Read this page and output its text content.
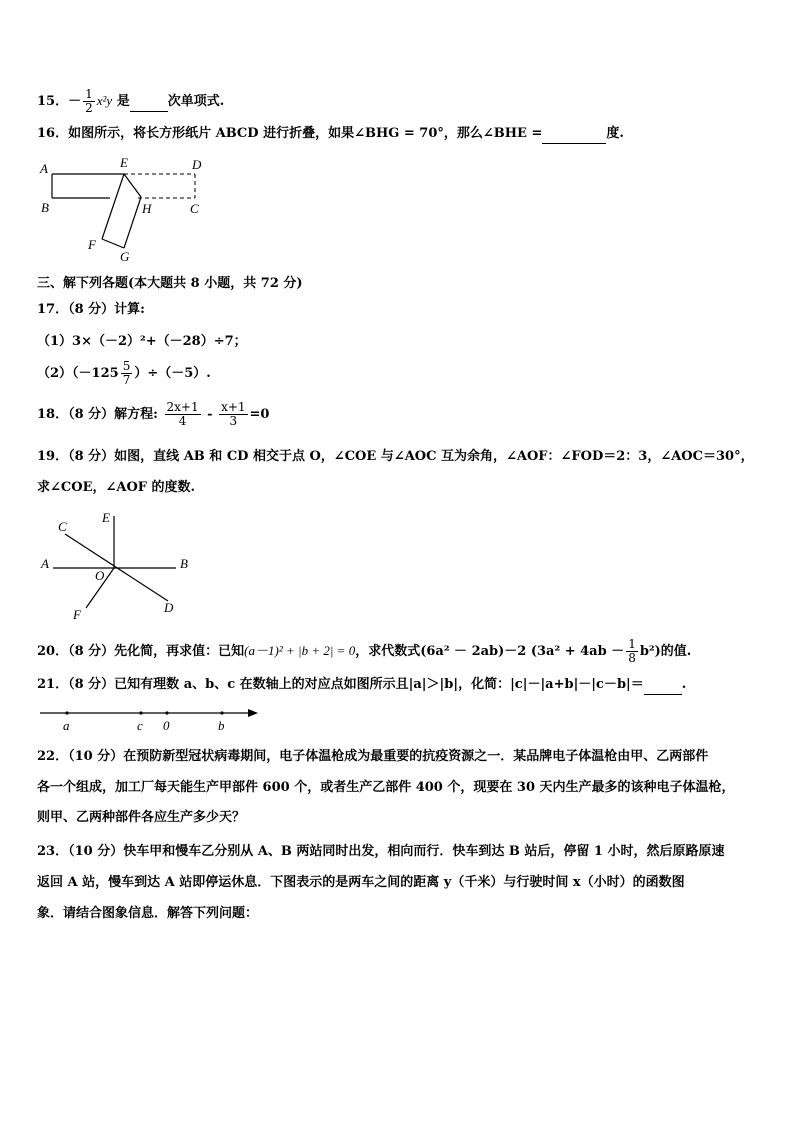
15．－ $\frac{1}{2} x^2y$ 是	次单项式.
16．如图所示，将长方形纸片 ABCD 进行折叠，如果∠BHG = 70°，那么∠BHE =	度.
A	E	D
B	H	C
F
G
三、解下列各题(本大题共 8 小题，共 72 分)
17．（8 分）计算:
（1）3×（－2）²+（－28）÷7；
$(2)(-125 \frac{5}{7} )\div(-5)$.
18．（8 分）解方程: $\frac{2x+1}{4} - \frac{x+1}{3} =0$
19．（8 分）如图，直线 AB 和 CD 相交于点 O，∠COE 与∠AOC 互为余角，∠AOF：∠FOD＝2：3，∠AOC＝30°，
求∠COE，∠AOF 的度数.
C
E
A
O
B
F	D
20．（8 分）先化简，再求值：已知(a－1)² + |b + 2| = 0，求代数式(6a² － 2ab)－2 $(3a^2 + 4ab - \frac{1}{8} b^2)$的值.
21．（8 分）已知有理数 a、b、c 在数轴上的对应点如图所示且|a|＞|b|，化简：|c|－|a+b|－|c－b|＝	.
a	c 0	b
22．（10 分）在预防新型冠状病毒期间，电子体温枪成为最重要的抗疫资源之一．某品牌电子体温枪由甲、乙两部件
各一个组成，加工厂每天能生产甲部件 600 个，或者生产乙部件 400 个，现要在 30 天内生产最多的该种电子体温枪，
则甲、乙两种部件各应生产多少天？
23．（10 分）快车甲和慢车乙分别从 A、B 两站同时出发，相向而行．快车到达 B 站后，停留 1 小时，然后原路原速
返回 A 站，慢车到达 A 站即停运休息．下图表示的是两车之间的距离 y（千米）与行驶时间 x（小时）的函数图
象．请结合图象信息．解答下列问题：
